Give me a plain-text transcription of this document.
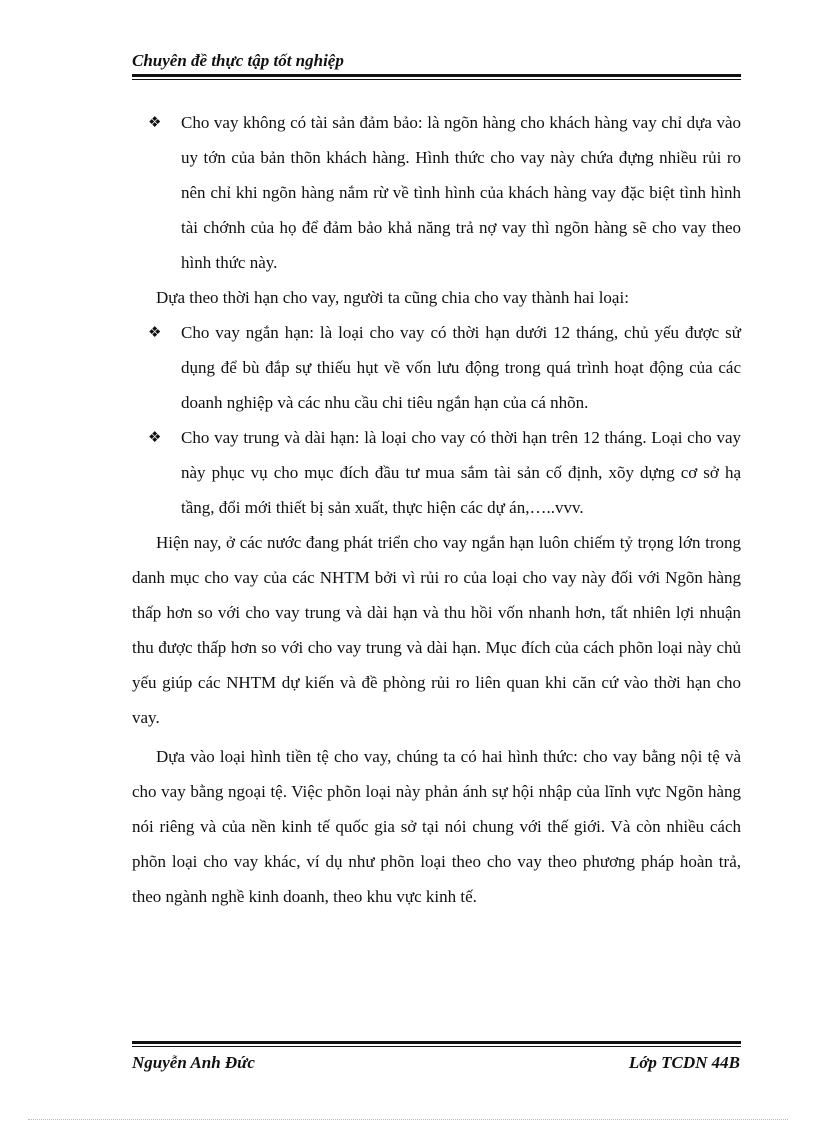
Chuyên đề thực tập tốt nghiệp
❖ Cho vay không có tài sản đảm bảo: là ngõn hàng cho khách hàng vay chỉ dựa vào uy tớn của bản thõn khách hàng. Hình thức cho vay này chứa đựng nhiều rủi ro nên chỉ khi ngõn hàng nắm rừ về tình hình của khách hàng vay đặc biệt tình hình tài chớnh của họ để đảm bảo khả năng trả nợ vay thì ngõn hàng sẽ cho vay theo hình thức này.

Dựa theo thời hạn cho vay, người ta cũng chia cho vay thành hai loại:

❖ Cho vay ngắn hạn: là loại cho vay có thời hạn dưới 12 tháng, chủ yếu được sử dụng để bù đắp sự thiếu hụt về vốn lưu động trong quá trình hoạt động của các doanh nghiệp và các nhu cầu chi tiêu ngắn hạn của cá nhõn.
❖ Cho vay trung và dài hạn: là loại cho vay có thời hạn trên 12 tháng. Loại cho vay này phục vụ cho mục đích đầu tư mua sắm tài sản cố định, xõy dựng cơ sở hạ tầng, đổi mới thiết bị sản xuất, thực hiện các dự án,…..vvv.

Hiện nay, ở các nước đang phát triển cho vay ngắn hạn luôn chiếm tỷ trọng lớn trong danh mục cho vay của các NHTM bởi vì rủi ro của loại cho vay này đối với Ngõn hàng thấp hơn so với cho vay trung và dài hạn và thu hồi vốn nhanh hơn, tất nhiên lợi nhuận thu được thấp hơn so với cho vay trung và dài hạn. Mục đích của cách phõn loại này chủ yếu giúp các NHTM dự kiến và đề phòng rủi ro liên quan khi căn cứ vào thời hạn cho vay.

Dựa vào loại hình tiền tệ cho vay, chúng ta có hai hình thức: cho vay bằng nội tệ và cho vay bằng ngoại tệ. Việc phõn loại này phản ánh sự hội nhập của lĩnh vực Ngõn hàng nói riêng và của nền kinh tế quốc gia sở tại nói chung với thế giới. Và còn nhiều cách phõn loại cho vay khác, ví dụ như phõn loại theo cho vay theo phương pháp hoàn trả, theo ngành nghề kinh doanh, theo khu vực kinh tế.

Nguyễn Anh Đức	Lớp TCDN 44B
